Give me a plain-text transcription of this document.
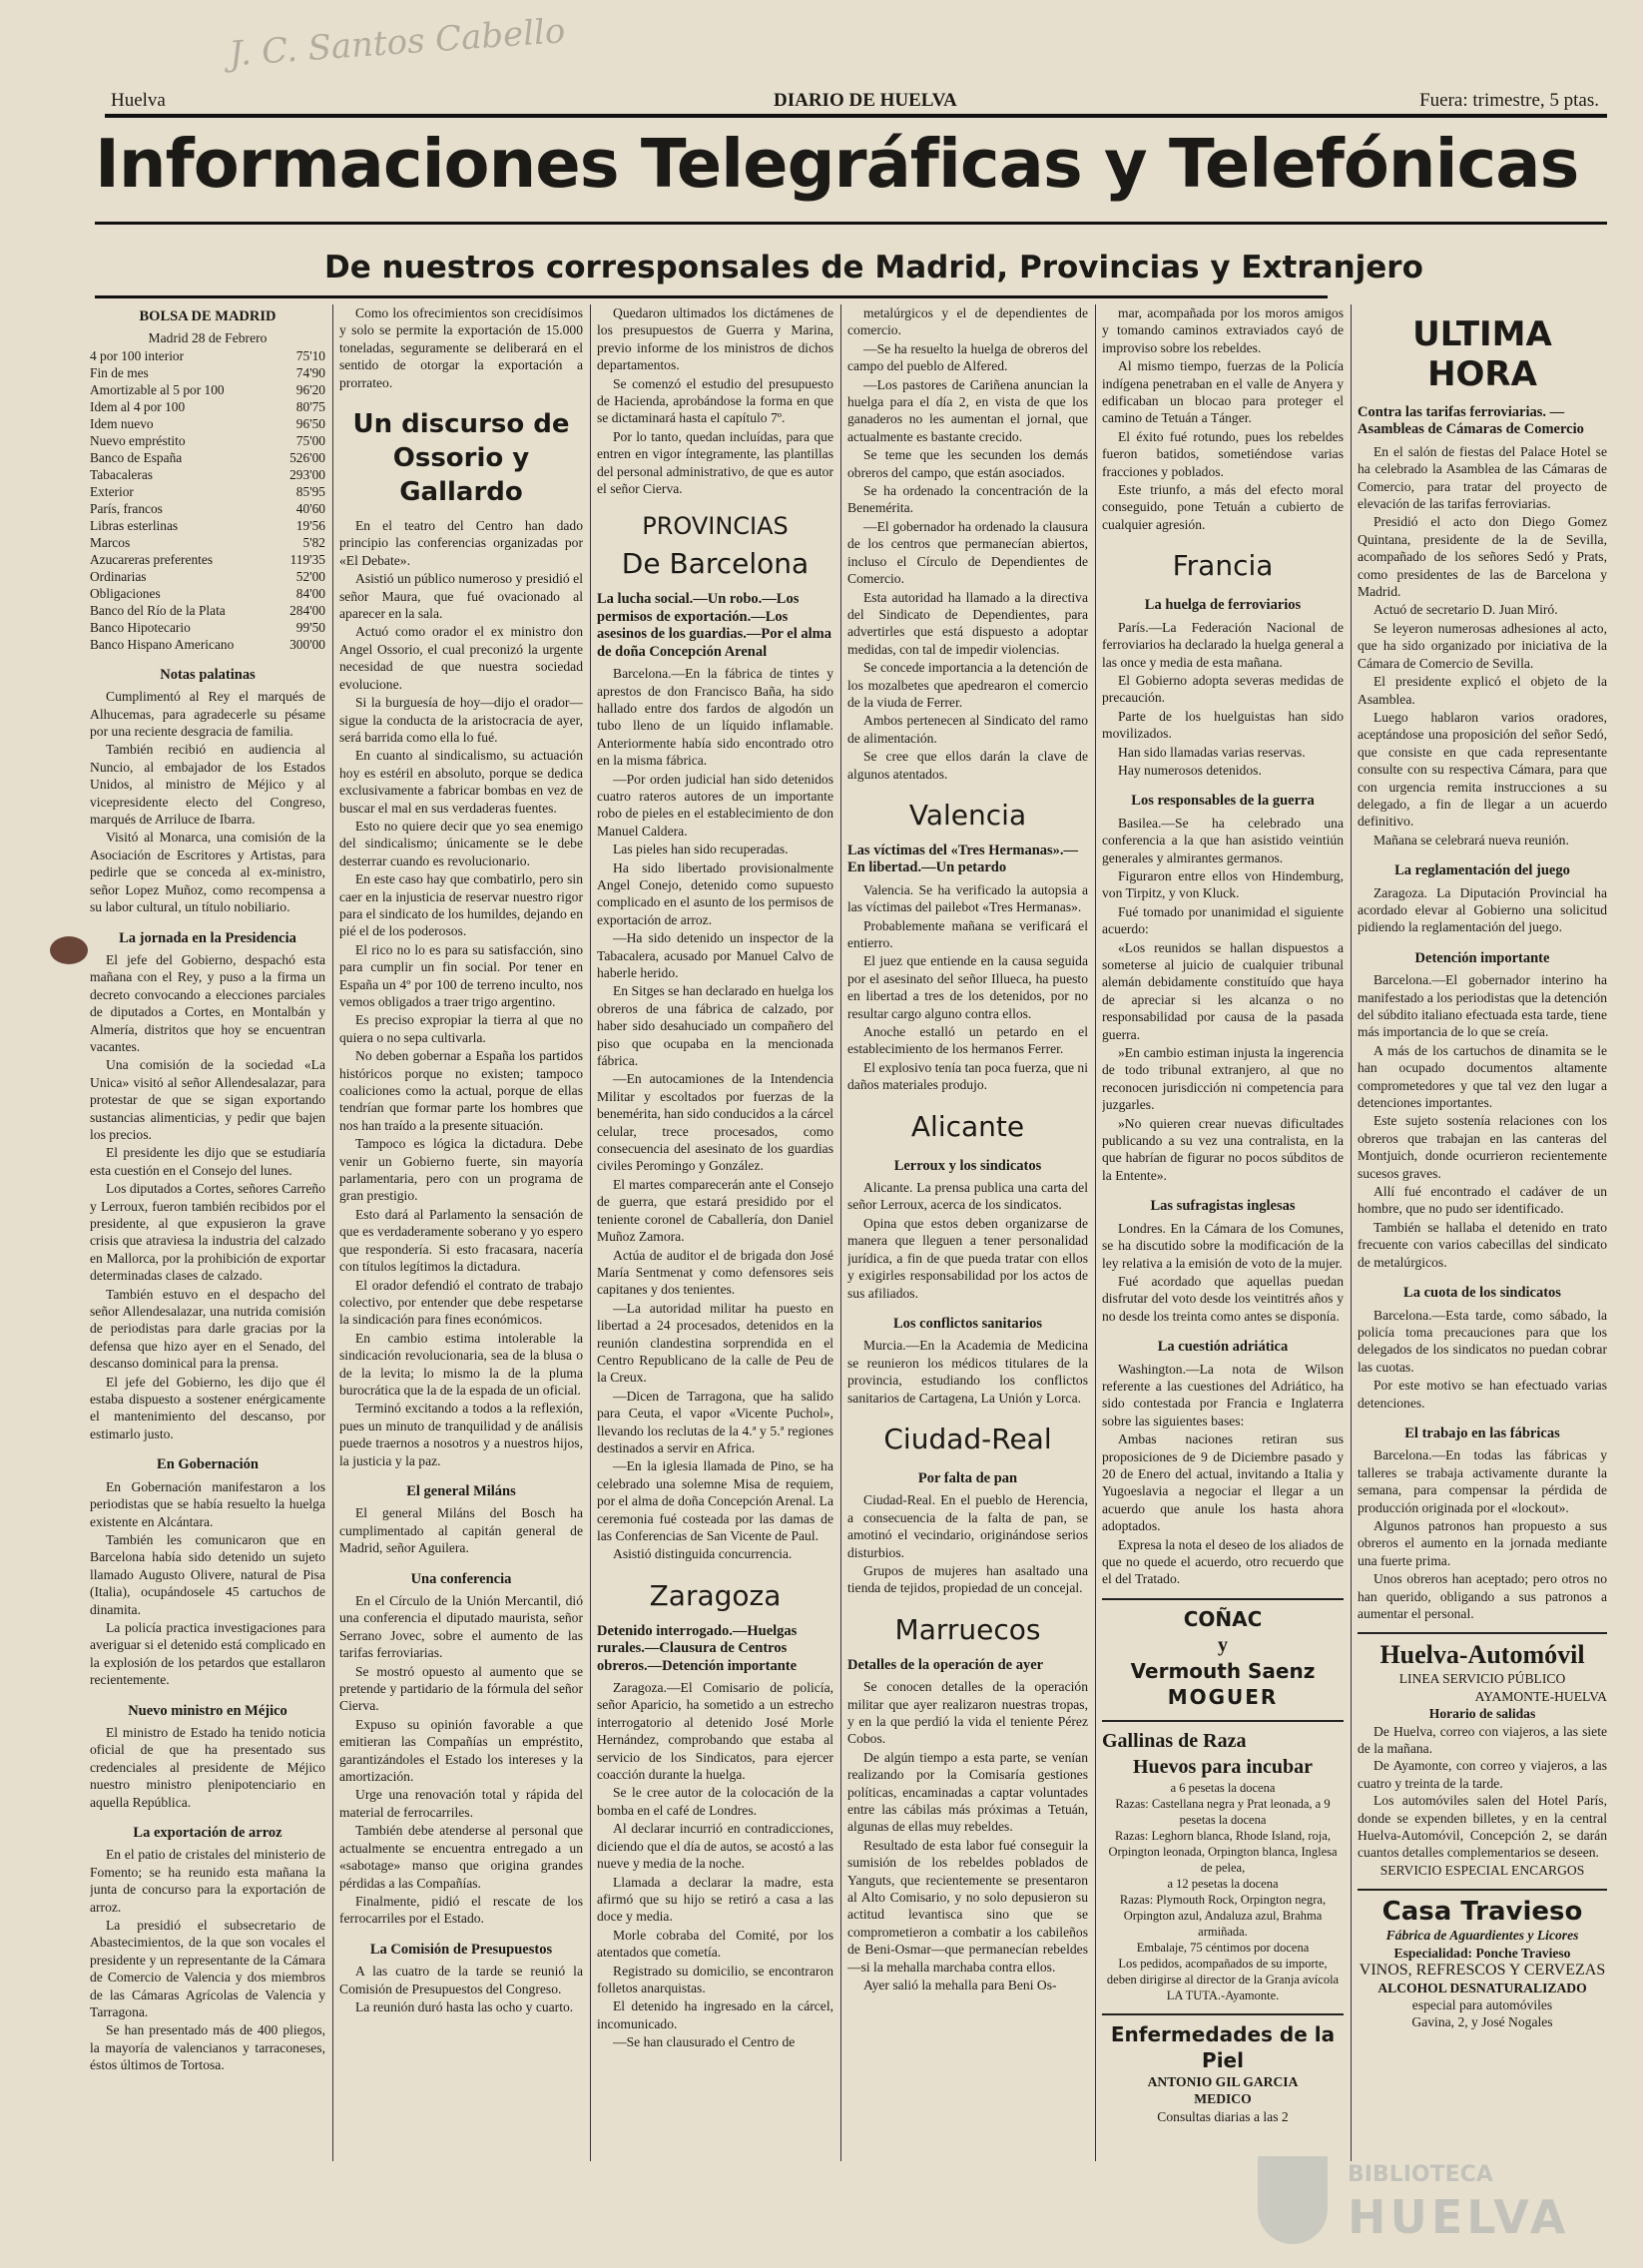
J. C. Santos Cabello
Huelva	DIARIO DE HUELVA	Fuera: trimestre, 5 ptas.
Informaciones Telegráficas y Telefónicas
De nuestros corresponsales de Madrid, Provincias y Extranjero
BOLSA DE MADRID
Madrid 28 de Febrero
4 por 100 interior	75'10
Fin de mes	74'90
Amortizable al 5 por 100	96'20
Idem al 4 por 100	80'75
Idem nuevo	96'50
Nuevo empréstito	75'00
Banco de España	526'00
Tabacaleras	293'00
Exterior	85'95
París, francos	40'60
Libras esterlinas	19'56
Marcos	5'82
Azucareras preferentes	119'35
Ordinarias	52'00
Obligaciones	84'00
Banco del Río de la Plata	284'00
Banco Hipotecario	99'50
Banco Hispano Americano	300'00
Notas palatinas

Cumplimentó al Rey el marqués de Alhucemas, para agradecerle su pésame por una reciente desgracia de familia.

También recibió en audiencia al Nuncio, al embajador de los Estados Unidos, al ministro de Méjico y al vicepresidente electo del Congreso, marqués de Arriluce de Ibarra.

Visitó al Monarca, una comisión de la Asociación de Escritores y Artistas, para pedirle que se conceda al ex-ministro, señor Lopez Muñoz, como recompensa a su labor cultural, un título nobiliario.

La jornada en la Presidencia

El jefe del Gobierno, despachó esta mañana con el Rey, y puso a la firma un decreto convocando a elecciones parciales de diputados a Cortes, en Montalbán y Almería, distritos que hoy se encuentran vacantes.

Una comisión de la sociedad «La Unica» visitó al señor Allendesalazar, para protestar de que se sigan exportando sustancias alimenticias, y pedir que bajen los precios.

El presidente les dijo que se estudiaría esta cuestión en el Consejo del lunes.

Los diputados a Cortes, señores Carreño y Lerroux, fueron también recibidos por el presidente, al que expusieron la grave crisis que atraviesa la industria del calzado en Mallorca, por la prohibición de exportar determinadas clases de calzado.

También estuvo en el despacho del señor Allendesalazar, una nutrida comisión de periodistas para darle gracias por la defensa que hizo ayer en el Senado, del descanso dominical para la prensa.

El jefe del Gobierno, les dijo que él estaba dispuesto a sostener enérgicamente el mantenimiento del descanso, por estimarlo justo.

En Gobernación

En Gobernación manifestaron a los periodistas que se había resuelto la huelga existente en Alcántara.

También les comunicaron que en Barcelona había sido detenido un sujeto llamado Augusto Olivere, natural de Pisa (Italia), ocupándosele 45 cartuchos de dinamita.

La policía practica investigaciones para averiguar si el detenido está complicado en la explosión de los petardos que estallaron recientemente.

Nuevo ministro en Méjico

El ministro de Estado ha tenido noticia oficial de que ha presentado sus credenciales al presidente de Méjico nuestro ministro plenipotenciario en aquella República.

La exportación de arroz

En el patio de cristales del ministerio de Fomento; se ha reunido esta mañana la junta de concurso para la exportación de arroz.

La presidió el subsecretario de Abastecimientos, de la que son vocales el presidente y un representante de la Cámara de Comercio de Valencia y dos miembros de las Cámaras Agrícolas de Valencia y Tarragona.

Se han presentado más de 400 pliegos, la mayoría de valencianos y tarraconeses, éstos últimos de Tortosa.

Como los ofrecimientos son crecidísimos y solo se permite la exportación de 15.000 toneladas, seguramente se deliberará en el sentido de otorgar la exportación a prorrateo.

Un discurso de Ossorio y Gallardo

En el teatro del Centro han dado principio las conferencias organizadas por «El Debate».

Asistió un público numeroso y presidió el señor Maura, que fué ovacionado al aparecer en la sala.

Actuó como orador el ex ministro don Angel Ossorio, el cual preconizó la urgente necesidad de que nuestra sociedad evolucione.

Si la burguesía de hoy—dijo el orador—sigue la conducta de la aristocracia de ayer, será barrida como ella lo fué.

En cuanto al sindicalismo, su actuación hoy es estéril en absoluto, porque se dedica exclusivamente a fabricar bombas en vez de buscar el mal en sus verdaderas fuentes.

Esto no quiere decir que yo sea enemigo del sindicalismo; únicamente se le debe desterrar cuando es revolucionario.

En este caso hay que combatirlo, pero sin caer en la injusticia de reservar nuestro rigor para el sindicato de los humildes, dejando en pié el de los poderosos.

El rico no lo es para su satisfacción, sino para cumplir un fin social. Por tener en España un 4º por 100 de terreno inculto, nos vemos obligados a traer trigo argentino.

Es preciso expropiar la tierra al que no quiera o no sepa cultivarla.

No deben gobernar a España los partidos históricos porque no existen; tampoco coaliciones como la actual, porque de ellas tendrían que formar parte los hombres que nos han traído a la presente situación.

Tampoco es lógica la dictadura. Debe venir un Gobierno fuerte, sin mayoría parlamentaria, pero con un programa de gran prestigio.

Esto dará al Parlamento la sensación de que es verdaderamente soberano y yo espero que respondería. Si esto fracasara, nacería con títulos legítimos la dictadura.

El orador defendió el contrato de trabajo colectivo, por entender que debe respetarse la sindicación para fines económicos.

En cambio estima intolerable la sindicación revolucionaria, sea de la blusa o de la levita; lo mismo la de la pluma burocrática que la de la espada de un oficial.

Terminó excitando a todos a la reflexión, pues un minuto de tranquilidad y de análisis puede traernos a nosotros y a nuestros hijos, la justicia y la paz.

El general Miláns

El general Miláns del Bosch ha cumplimentado al capitán general de Madrid, señor Aguilera.

Una conferencia

En el Círculo de la Unión Mercantil, dió una conferencia el diputado maurista, señor Serrano Jovec, sobre el aumento de las tarifas ferroviarias.

Se mostró opuesto al aumento que se pretende y partidario de la fórmula del señor Cierva.

Expuso su opinión favorable a que emitieran las Compañías un empréstito, garantizándoles el Estado los intereses y la amortización.

Urge una renovación total y rápida del material de ferrocarriles.

También debe atenderse al personal que actualmente se encuentra entregado a un «sabotage» manso que origina grandes pérdidas a las Compañías.

Finalmente, pidió el rescate de los ferrocarriles por el Estado.

La Comisión de Presupuestos

A las cuatro de la tarde se reunió la Comisión de Presupuestos del Congreso.

La reunión duró hasta las ocho y cuarto.

Quedaron ultimados los dictámenes de los presupuestos de Guerra y Marina, previo informe de los ministros de dichos departamentos.

Se comenzó el estudio del presupuesto de Hacienda, aprobándose la forma en que se dictaminará hasta el capítulo 7º.

Por lo tanto, quedan incluídas, para que entren en vigor íntegramente, las plantillas del personal administrativo, de que es autor el señor Cierva.

PROVINCIAS
De Barcelona
La lucha social.—Un robo.—Los permisos de exportación.—Los asesinos de los guardias.—Por el alma de doña Concepción Arenal

Barcelona.—En la fábrica de tintes y aprestos de don Francisco Baña, ha sido hallado entre dos fardos de algodón un tubo lleno de un líquido inflamable. Anteriormente había sido encontrado otro en la misma fábrica.

—Por orden judicial han sido detenidos cuatro rateros autores de un importante robo de pieles en el establecimiento de don Manuel Caldera.

Las pieles han sido recuperadas.

Ha sido libertado provisionalmente Angel Conejo, detenido como supuesto complicado en el asunto de los permisos de exportación de arroz.

—Ha sido detenido un inspector de la Tabacalera, acusado por Manuel Calvo de haberle herido.

En Sitges se han declarado en huelga los obreros de una fábrica de calzado, por haber sido desahuciado un compañero del piso que ocupaba en la mencionada fábrica.

—En autocamiones de la Intendencia Militar y escoltados por fuerzas de la benemérita, han sido conducidos a la cárcel celular, trece procesados, como consecuencia del asesinato de los guardias civiles Peromingo y González.

El martes comparecerán ante el Consejo de guerra, que estará presidido por el teniente coronel de Caballería, don Daniel Muñoz Zamora.

Actúa de auditor el de brigada don José María Sentmenat y como defensores seis capitanes y dos tenientes.

—La autoridad militar ha puesto en libertad a 24 procesados, detenidos en la reunión clandestina sorprendida en el Centro Republicano de la calle de Peu de la Creux.

—Dicen de Tarragona, que ha salido para Ceuta, el vapor «Vicente Puchol», llevando los reclutas de la 4.ª y 5.ª regiones destinados a servir en Africa.

—En la iglesia llamada de Pino, se ha celebrado una solemne Misa de requiem, por el alma de doña Concepción Arenal. La ceremonia fué costeada por las damas de las Conferencias de San Vicente de Paul.

Asistió distinguida concurrencia.

Zaragoza
Detenido interrogado.—Huelgas rurales.—Clausura de Centros obreros.—Detención importante

Zaragoza.—El Comisario de policía, señor Aparicio, ha sometido a un estrecho interrogatorio al detenido José Morle Hernández, comprobando que estaba al servicio de los Sindicatos, para ejercer coacción durante la huelga.

Se le cree autor de la colocación de la bomba en el café de Londres.

Al declarar incurrió en contradicciones, diciendo que el día de autos, se acostó a las nueve y media de la noche.

Llamada a declarar la madre, esta afirmó que su hijo se retiró a casa a las doce y media.

Morle cobraba del Comité, por los atentados que cometía.

Registrado su domicilio, se encontraron folletos anarquistas.

El detenido ha ingresado en la cárcel, incomunicado.

—Se han clausurado el Centro de

metalúrgicos y el de dependientes de comercio.

—Se ha resuelto la huelga de obreros del campo del pueblo de Alfered.

—Los pastores de Cariñena anuncian la huelga para el día 2, en vista de que los ganaderos no les aumentan el jornal, que actualmente es bastante crecido.

Se teme que les secunden los demás obreros del campo, que están asociados.

Se ha ordenado la concentración de la Benemérita.

—El gobernador ha ordenado la clausura de los centros que permanecían abiertos, incluso el Círculo de Dependientes de Comercio.

Esta autoridad ha llamado a la directiva del Sindicato de Dependientes, para advertirles que está dispuesto a adoptar medidas, con tal de impedir violencias.

Se concede importancia a la detención de los mozalbetes que apedrearon el comercio de la viuda de Ferrer.

Ambos pertenecen al Sindicato del ramo de alimentación.

Se cree que ellos darán la clave de algunos atentados.

Valencia
Las víctimas del «Tres Hermanas».—En libertad.—Un petardo

Valencia. Se ha verificado la autopsia a las víctimas del pailebot «Tres Hermanas».

Probablemente mañana se verificará el entierro.

El juez que entiende en la causa seguida por el asesinato del señor Illueca, ha puesto en libertad a tres de los detenidos, por no resultar cargo alguno contra ellos.

Anoche estalló un petardo en el establecimiento de los hermanos Ferrer.

El explosivo tenía tan poca fuerza, que ni daños materiales produjo.

Alicante
Lerroux y los sindicatos

Alicante. La prensa publica una carta del señor Lerroux, acerca de los sindicatos.

Opina que estos deben organizarse de manera que lleguen a tener personalidad jurídica, a fin de que pueda tratar con ellos y exigirles responsabilidad por los actos de sus afiliados.

Los conflictos sanitarios

Murcia.—En la Academia de Medicina se reunieron los médicos titulares de la provincia, estudiando los conflictos sanitarios de Cartagena, La Unión y Lorca.

Ciudad-Real
Por falta de pan

Ciudad-Real. En el pueblo de Herencia, a consecuencia de la falta de pan, se amotinó el vecindario, originándose serios disturbios.

Grupos de mujeres han asaltado una tienda de tejidos, propiedad de un concejal.

Marruecos
Detalles de la operación de ayer

Se conocen detalles de la operación militar que ayer realizaron nuestras tropas, y en la que perdió la vida el teniente Pérez Cobos.

De algún tiempo a esta parte, se venían realizando por la Comisaría gestiones políticas, encaminadas a captar voluntades entre las cábilas más próximas a Tetuán, algunas de ellas muy rebeldes.

Resultado de esta labor fué conseguir la sumisión de los rebeldes poblados de Yanguts, que recientemente se presentaron al Alto Comisario, y no solo depusieron su actitud levantisca sino que se comprometieron a combatir a los cabileños de Beni-Osmar—que permanecían rebeldes—si la mehalla marchaba contra ellos.

Ayer salió la mehalla para Beni Os-

mar, acompañada por los moros amigos y tomando caminos extraviados cayó de improviso sobre los rebeldes.

Al mismo tiempo, fuerzas de la Policía indígena penetraban en el valle de Anyera y edificaban un blocao para proteger el camino de Tetuán a Tánger.

El éxito fué rotundo, pues los rebeldes fueron batidos, sometiéndose varias fracciones y poblados.

Este triunfo, a más del efecto moral conseguido, pone Tetuán a cubierto de cualquier agresión.

Francia
La huelga de ferroviarios

París.—La Federación Nacional de ferroviarios ha declarado la huelga general a las once y media de esta mañana.

El Gobierno adopta severas medidas de precaución.

Parte de los huelguistas han sido movilizados.

Han sido llamadas varias reservas.

Hay numerosos detenidos.

Los responsables de la guerra

Basilea.—Se ha celebrado una conferencia a la que han asistido veintiún generales y almirantes germanos.

Figuraron entre ellos von Hindemburg, von Tirpitz, y von Kluck.

Fué tomado por unanimidad el siguiente acuerdo:

«Los reunidos se hallan dispuestos a someterse al juicio de cualquier tribunal alemán debidamente constituído que haya de apreciar si les alcanza o no responsabilidad por causa de la pasada guerra.

»En cambio estiman injusta la ingerencia de todo tribunal extranjero, al que no reconocen jurisdicción ni competencia para juzgarles.

»No quieren crear nuevas dificultades publicando a su vez una contralista, en la que habrían de figurar no pocos súbditos de la Entente».

Las sufragistas inglesas

Londres. En la Cámara de los Comunes, se ha discutido sobre la modificación de la ley relativa a la emisión de voto de la mujer.

Fué acordado que aquellas puedan disfrutar del voto desde los veintitrés años y no desde los treinta como antes se disponía.

La cuestión adriática

Washington.—La nota de Wilson referente a las cuestiones del Adriático, ha sido contestada por Francia e Inglaterra sobre las siguientes bases:

Ambas naciones retiran sus proposiciones de 9 de Diciembre pasado y 20 de Enero del actual, invitando a Italia y Yugoeslavia a negociar el llegar a un acuerdo que anule los hasta ahora adoptados.

Expresa la nota el deseo de los aliados de que no quede el acuerdo, otro recuerdo que el del Tratado.

COÑAC
y
Vermouth Saenz
MOGUER
Gallinas de Raza
Huevos para incubar
a 6 pesetas la docena
Razas: Castellana negra y Prat leonada, a 9 pesetas la docena
Razas: Leghorn blanca, Rhode Island, roja, Orpington leonada, Orpington blanca, Inglesa de pelea,
a 12 pesetas la docena
Razas: Plymouth Rock, Orpington negra, Orpington azul, Andaluza azul, Brahma armiñada.
Embalaje, 75 céntimos por docena
Los pedidos, acompañados de su importe, deben dirigirse al director de la Granja avícola LA TUTA.-Ayamonte.
Enfermedades de la Piel
ANTONIO GIL GARCIA
MEDICO
Consultas diarias a las 2
ULTIMA HORA
Contra las tarifas ferroviarias. —Asambleas de Cámaras de Comercio

En el salón de fiestas del Palace Hotel se ha celebrado la Asamblea de las Cámaras de Comercio, para tratar del proyecto de elevación de las tarifas ferroviarias.

Presidió el acto don Diego Gomez Quintana, presidente de la de Sevilla, acompañado de los señores Sedó y Prats, como presidentes de las de Barcelona y Madrid.

Actuó de secretario D. Juan Miró.

Se leyeron numerosas adhesiones al acto, que ha sido organizado por iniciativa de la Cámara de Comercio de Sevilla.

El presidente explicó el objeto de la Asamblea.

Luego hablaron varios oradores, aceptándose una proposición del señor Sedó, que consiste en que cada representante consulte con su respectiva Cámara, para que con urgencia remita instrucciones a su delegado, a fin de llegar a un acuerdo definitivo.

Mañana se celebrará nueva reunión.

La reglamentación del juego

Zaragoza. La Diputación Provincial ha acordado elevar al Gobierno una solicitud pidiendo la reglamentación del juego.

Detención importante

Barcelona.—El gobernador interino ha manifestado a los periodistas que la detención del súbdito italiano efectuada esta tarde, tiene más importancia de lo que se creía.

A más de los cartuchos de dinamita se le han ocupado documentos altamente comprometedores y que tal vez den lugar a detenciones importantes.

Este sujeto sostenía relaciones con los obreros que trabajan en las canteras del Montjuich, donde ocurrieron recientemente sucesos graves.

Allí fué encontrado el cadáver de un hombre, que no pudo ser identificado.

También se hallaba el detenido en trato frecuente con varios cabecillas del sindicato de metalúrgicos.

La cuota de los sindicatos

Barcelona.—Esta tarde, como sábado, la policía toma precauciones para que los delegados de los sindicatos no puedan cobrar las cuotas.

Por este motivo se han efectuado varias detenciones.

El trabajo en las fábricas

Barcelona.—En todas las fábricas y talleres se trabaja activamente durante la semana, para compensar la pérdida de producción originada por el «lockout».

Algunos patronos han propuesto a sus obreros el aumento en la jornada mediante una fuerte prima.

Unos obreros han aceptado; pero otros no han querido, obligando a sus patronos a aumentar el personal.

Huelva-Automóvil
LINEA SERVICIO PÚBLICO
AYAMONTE-HUELVA
Horario de salidas

De Huelva, correo con viajeros, a las siete de la mañana.

De Ayamonte, con correo y viajeros, a las cuatro y treinta de la tarde.

Los automóviles salen del Hotel París, donde se expenden billetes, y en la central Huelva-Automóvil, Concepción 2, se darán cuantos detalles complementarios se deseen.

SERVICIO ESPECIAL ENCARGOS
Casa Travieso
Fábrica de Aguardientes y Licores
Especialidad: Ponche Travieso
VINOS, REFRESCOS Y CERVEZAS
ALCOHOL DESNATURALIZADO
especial para automóviles
Gavina, 2, y José Nogales
BIBLIOTECA
HUELVA
